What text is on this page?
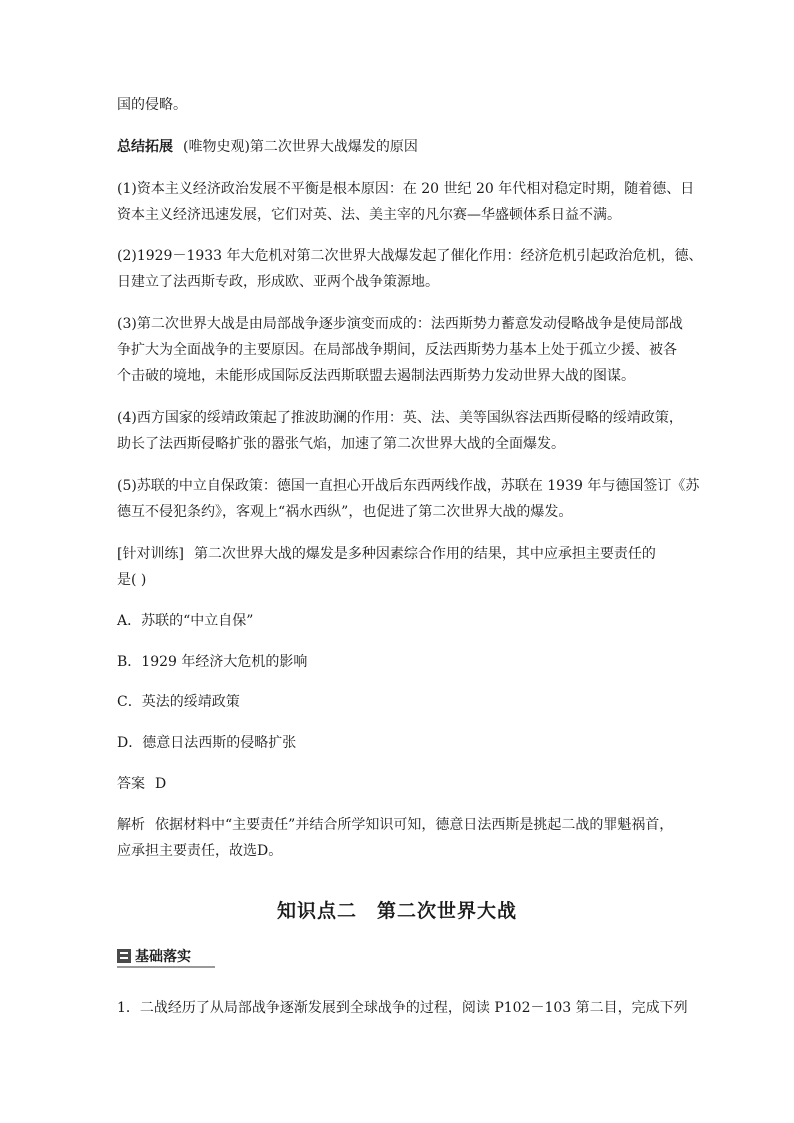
国的侵略。
总结拓展 (唯物史观)第二次世界大战爆发的原因
(1)资本主义经济政治发展不平衡是根本原因：在 20 世纪 20 年代相对稳定时期，随着德、日
资本主义经济迅速发展，它们对英、法、美主宰的凡尔赛—华盛顿体系日益不满。
(2)1929－1933 年大危机对第二次世界大战爆发起了催化作用：经济危机引起政治危机，德、
日建立了法西斯专政，形成欧、亚两个战争策源地。
(3)第二次世界大战是由局部战争逐步演变而成的：法西斯势力蓄意发动侵略战争是使局部战
争扩大为全面战争的主要原因。在局部战争期间，反法西斯势力基本上处于孤立少援、被各
个击破的境地，未能形成国际反法西斯联盟去遏制法西斯势力发动世界大战的图谋。
(4)西方国家的绥靖政策起了推波助澜的作用：英、法、美等国纵容法西斯侵略的绥靖政策，
助长了法西斯侵略扩张的嚣张气焰，加速了第二次世界大战的全面爆发。
(5)苏联的中立自保政策：德国一直担心开战后东西两线作战，苏联在 1939 年与德国签订《苏
德互不侵犯条约》，客观上“祸水西纵”，也促进了第二次世界大战的爆发。
[针对训练] 第二次世界大战的爆发是多种因素综合作用的结果，其中应承担主要责任的
是( )
A．苏联的“中立自保”
B．1929 年经济大危机的影响
C．英法的绥靖政策
D．德意日法西斯的侵略扩张
答案 D
解析 依据材料中“主要责任”并结合所学知识可知，德意日法西斯是挑起二战的罪魁祸首，
应承担主要责任，故选D。
知识点二　第二次世界大战
基础落实
1．二战经历了从局部战争逐渐发展到全球战争的过程，阅读 P102－103 第二目，完成下列
